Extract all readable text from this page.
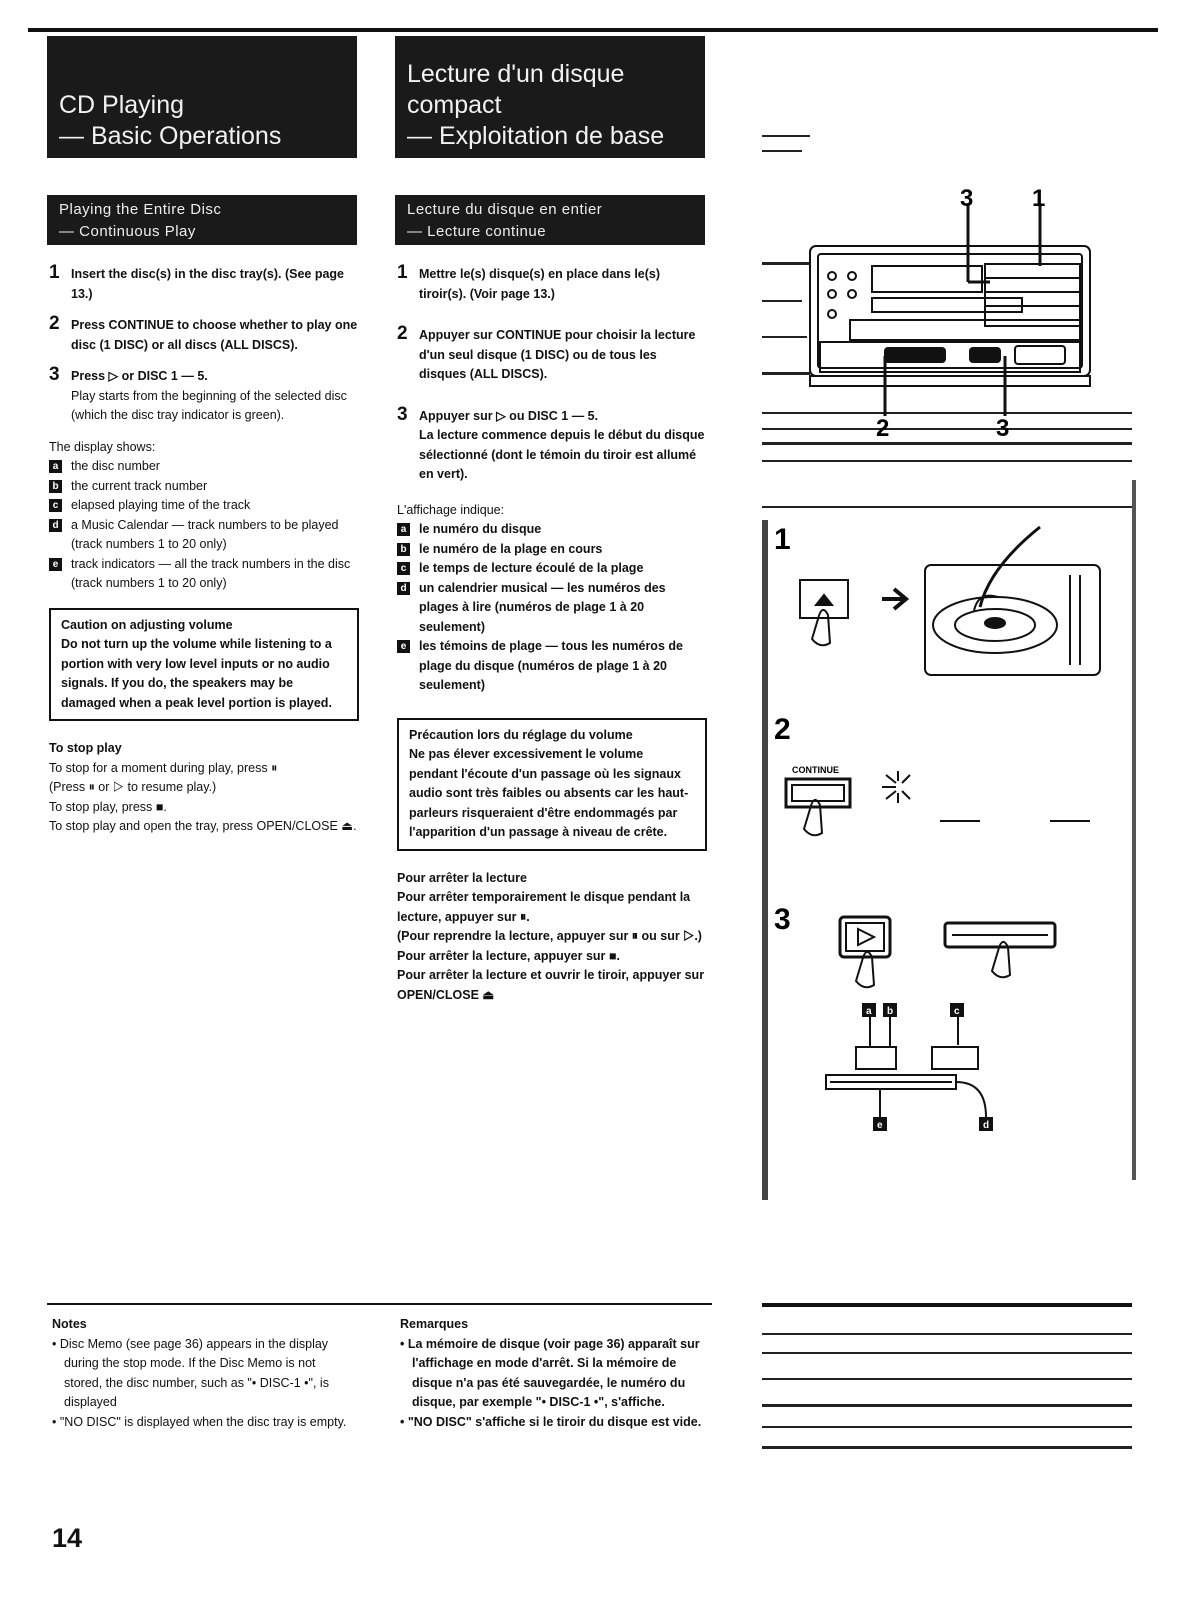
CD Playing
— Basic Operations
Lecture d'un disque
compact
— Exploitation de base
Playing the Entire Disc
— Continuous Play
Lecture du disque en entier
— Lecture continue
1 Insert the disc(s) in the disc tray(s). (See page 13.)
2 Press CONTINUE to choose whether to play one disc (1 DISC) or all discs (ALL DISCS).
3 Press ▷ or DISC 1 — 5.
Play starts from the beginning of the selected disc (which the disc tray indicator is green).
The display shows:
a the disc number
b the current track number
c elapsed playing time of the track
d a Music Calendar — track numbers to be played (track numbers 1 to 20 only)
e track indicators — all the track numbers in the disc (track numbers 1 to 20 only)
Caution on adjusting volume
Do not turn up the volume while listening to a portion with very low level inputs or no audio signals. If you do, the speakers may be damaged when a peak level portion is played.
To stop play
To stop for a moment during play, press ⏸
(Press ⏸ or ▷ to resume play.)
To stop play, press ■.
To stop play and open the tray, press OPEN/CLOSE ⏏.
1 Mettre le(s) disque(s) en place dans le(s) tiroir(s). (Voir page 13.)
2 Appuyer sur CONTINUE pour choisir la lecture d'un seul disque (1 DISC) ou de tous les disques (ALL DISCS).
3 Appuyer sur ▷ ou DISC 1 — 5.
La lecture commence depuis le début du disque sélectionné (dont le témoin du tiroir est allumé en vert).
L'affichage indique:
a le numéro du disque
b le numéro de la plage en cours
c le temps de lecture écoulé de la plage
d un calendrier musical — les numéros des plages à lire (numéros de plage 1 à 20 seulement)
e les témoins de plage — tous les numéros de plage du disque (numéros de plage 1 à 20 seulement)
Précaution lors du réglage du volume
Ne pas élever excessivement le volume pendant l'écoute d'un passage où les signaux audio sont très faibles ou absents car les haut-parleurs risqueraient d'être endommagés par l'apparition d'un passage à niveau de crête.
Pour arrêter la lecture
Pour arrêter temporairement le disque pendant la lecture, appuyer sur ⏸.
(Pour reprendre la lecture, appuyer sur ⏸ ou sur ▷.)
Pour arrêter la lecture, appuyer sur ■.
Pour arrêter la lecture et ouvrir le tiroir, appuyer sur OPEN/CLOSE ⏏
3 1
2	3
1
2
CONTINUE
3
a b	c
e	d
Notes
• Disc Memo (see page 36) appears in the display during the stop mode. If the Disc Memo is not stored, the disc number, such as "• DISC-1 •", is displayed
• "NO DISC" is displayed when the disc tray is empty.
Remarques
• La mémoire de disque (voir page 36) apparaît sur l'affichage en mode d'arrêt. Si la mémoire de disque n'a pas été sauvegardée, le numéro du disque, par exemple "• DISC-1 •", s'affiche.
• "NO DISC" s'affiche si le tiroir du disque est vide.
14
